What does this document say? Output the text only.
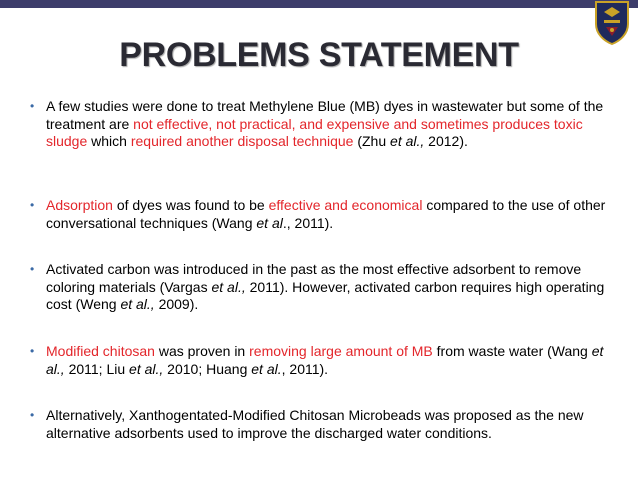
PROBLEMS STATEMENT
• A few studies were done to treat Methylene Blue (MB) dyes in wastewater but some of the treatment are not effective, not practical, and expensive and sometimes produces toxic sludge which required another disposal technique (Zhu et al., 2012).
• Adsorption of dyes was found to be effective and economical compared to the use of other conversational techniques (Wang et al., 2011).
• Activated carbon was introduced in the past as the most effective adsorbent to remove coloring materials (Vargas et al., 2011). However, activated carbon requires high operating cost (Weng et al., 2009).
• Modified chitosan was proven in removing large amount of MB from waste water (Wang et al., 2011; Liu et al., 2010; Huang et al., 2011).
• Alternatively, Xanthogentated-Modified Chitosan Microbeads was proposed as the new alternative adsorbents used to improve the discharged water conditions.
